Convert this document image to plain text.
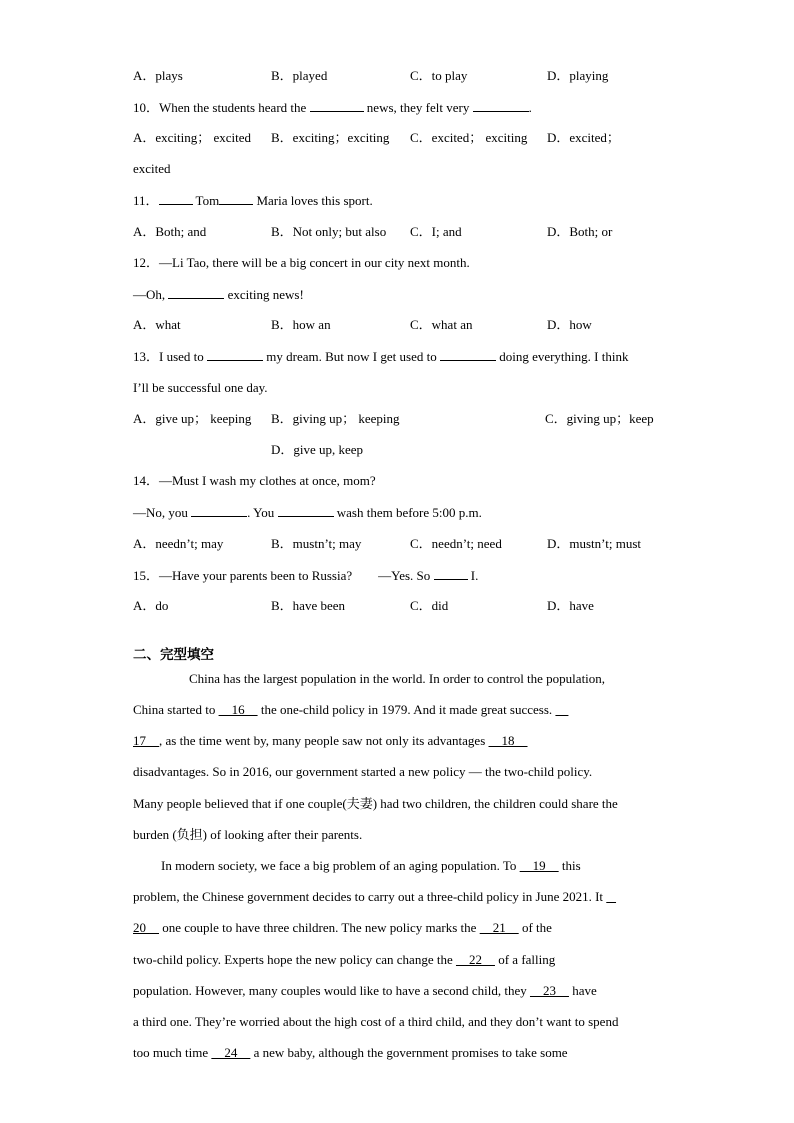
A．plays	B．played	C．to play	D．playing
10．When the students heard the	news, they felt very	.
A．exciting； excited B．exciting；exciting C．excited； exciting D．excited；
excited
11．	Tom	Maria loves this sport.
A．Both; and	B．Not only; but also C．I; and	D．Both; or
12．—Li Tao, there will be a big concert in our city next month.
—Oh,	exciting news!
A．what	B．how an	C．what an	D．how
13．I used to	my dream. But now I get used to	doing everything. I think
I’ll be successful one day.
A．give up； keeping B．giving up； keeping	C．giving up；keep
D．give up, keep
14．—Must I wash my clothes at once, mom?
—No, you	. You	wash them before 5:00 p.m.
A．needn’t; may	B．mustn’t; may	C．needn’t; need	D．mustn’t; must
15．—Have your parents been to Russia?        —Yes. So	I.
A．do	B．have been	C．did	D．have
二、完型填空
China has the largest population in the world. In order to control the population,
China started to     16     the one-child policy in 1979. And it made great success.
17    , as the time went by, many people saw not only its advantages     18
disadvantages. So in 2016, our government started a new policy — the two-child policy.
Many people believed that if one couple(夫妻) had two children, the children could share the
burden (负担) of looking after their parents.
In modern society, we face a big problem of an aging population. To     19     this
problem, the Chinese government decides to carry out a three-child policy in June 2021. It
20     one couple to have three children. The new policy marks the     21     of the
two-child policy. Experts hope the new policy can change the     22     of a falling
population. However, many couples would like to have a second child, they     23     have
a third one. They’re worried about the high cost of a third child, and they don’t want to spend
too much time     24     a new baby, although the government promises to take some
